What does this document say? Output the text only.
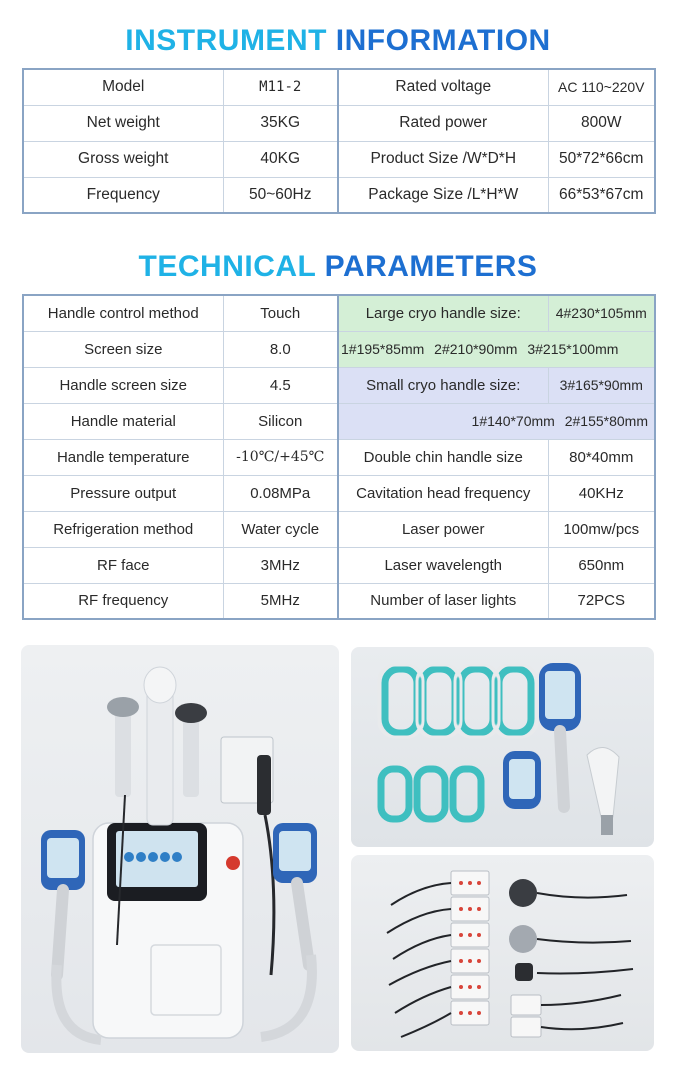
INSTRUMENT INFORMATION
Model	M11-2	Rated voltage	AC 110~220V
Net weight	35KG	Rated power	800W
Gross weight	40KG	Product Size /W*D*H	50*72*66cm
Frequency	50~60Hz	Package Size /L*H*W	66*53*67cm
TECHNICAL PARAMETERS
Handle control method	Touch	Large cryo handle size:	4#230*105mm
Screen size	8.0	1#195*85mm 2#210*90mm 3#215*100mm	
Handle screen size	4.5	Small cryo handle size:	3#165*90mm
Handle material	Silicon	1#140*70mm 2#155*80mm	
Handle temperature	-10℃/+45℃	Double chin handle size	80*40mm
Pressure output	0.08MPa	Cavitation head frequency	40KHz
Refrigeration method	Water cycle	Laser power	100mw/pcs
RF face	3MHz	Laser wavelength	650nm
RF frequency	5MHz	Number of laser lights	72PCS
